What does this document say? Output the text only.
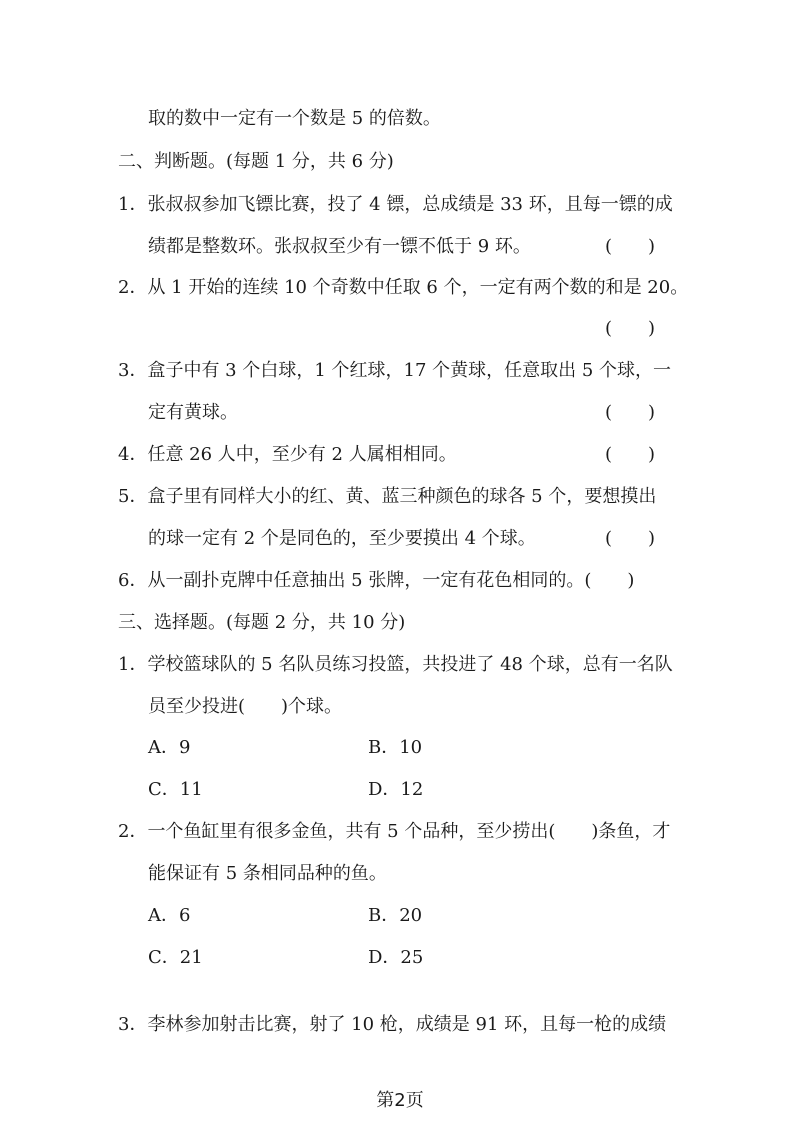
取的数中一定有一个数是 5 的倍数。
二、判断题。(每题 1 分，共 6 分)
1．张叔叔参加飞镖比赛，投了 4 镖，总成绩是 33 环，且每一镖的成
绩都是整数环。张叔叔至少有一镖不低于 9 环。	(　　)
2．从 1 开始的连续 10 个奇数中任取 6 个，一定有两个数的和是 20。
(　　)
3．盒子中有 3 个白球，1 个红球，17 个黄球，任意取出 5 个球，一
定有黄球。	(　　)
4．任意 26 人中，至少有 2 人属相相同。	(　　)
5．盒子里有同样大小的红、黄、蓝三种颜色的球各 5 个，要想摸出
的球一定有 2 个是同色的，至少要摸出 4 个球。	(　　)
6．从一副扑克牌中任意抽出 5 张牌，一定有花色相同的。(　　)
三、选择题。(每题 2 分，共 10 分)
1．学校篮球队的 5 名队员练习投篮，共投进了 48 个球，总有一名队
员至少投进(　　)个球。
A．9	B．10
C．11	D．12
2．一个鱼缸里有很多金鱼，共有 5 个品种，至少捞出(　　)条鱼，才
能保证有 5 条相同品种的鱼。
A．6	B．20
C．21	D．25
3．李林参加射击比赛，射了 10 枪，成绩是 91 环，且每一枪的成绩
第2页
